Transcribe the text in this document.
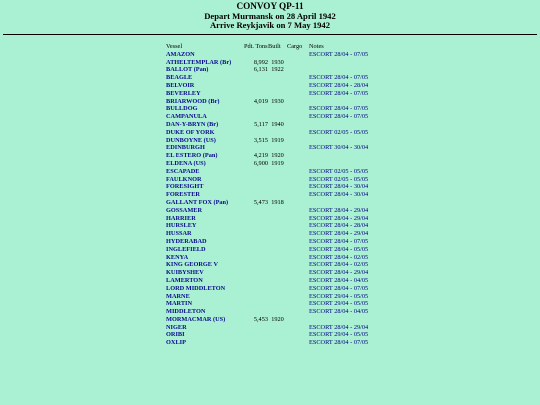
CONVOY QP-11
Depart Murmansk on 28 April 1942
Arrive Reykjavik on 7 May 1942
Vessel	Pdt. Tons	Built	Cargo	Notes
AMAZON				ESCORT 28/04 - 07/05
ATHELTEMPLAR (Br)	8,992	1930		
BALLOT (Pan)	6,131	1922		
BEAGLE				ESCORT 28/04 - 07/05
BELVOIR				ESCORT 28/04 - 28/04
BEVERLEY				ESCORT 28/04 - 07/05
BRIARWOOD (Br)	4,019	1930		
BULLDOG				ESCORT 28/04 - 07/05
CAMPANULA				ESCORT 28/04 - 07/05
DAN-Y-BRYN (Br)	5,117	1940		
DUKE OF YORK				ESCORT 02/05 - 05/05
DUNBOYNE (US)	3,515	1919		
EDINBURGH				ESCORT 30/04 - 30/04
EL ESTERO (Pan)	4,219	1920		
ELDENA (US)	6,900	1919		
ESCAPADE				ESCORT 02/05 - 05/05
FAULKNOR				ESCORT 02/05 - 05/05
FORESIGHT				ESCORT 28/04 - 30/04
FORESTER				ESCORT 28/04 - 30/04
GALLANT FOX (Pan)	5,473	1918		
GOSSAMER				ESCORT 28/04 - 29/04
HARRIER				ESCORT 28/04 - 29/04
HURSLEY				ESCORT 28/04 - 28/04
HUSSAR				ESCORT 28/04 - 29/04
HYDERABAD				ESCORT 28/04 - 07/05
INGLEFIELD				ESCORT 28/04 - 05/05
KENYA				ESCORT 28/04 - 02/05
KING GEORGE V				ESCORT 28/04 - 02/05
KUIBYSHEV				ESCORT 28/04 - 29/04
LAMERTON				ESCORT 28/04 - 04/05
LORD MIDDLETON				ESCORT 28/04 - 07/05
MARNE				ESCORT 29/04 - 05/05
MARTIN				ESCORT 29/04 - 05/05
MIDDLETON				ESCORT 28/04 - 04/05
MORMACMAR (US)	5,453	1920		
NIGER				ESCORT 28/04 - 29/04
ORIBI				ESCORT 29/04 - 05/05
OXLIP				ESCORT 28/04 - 07/05
